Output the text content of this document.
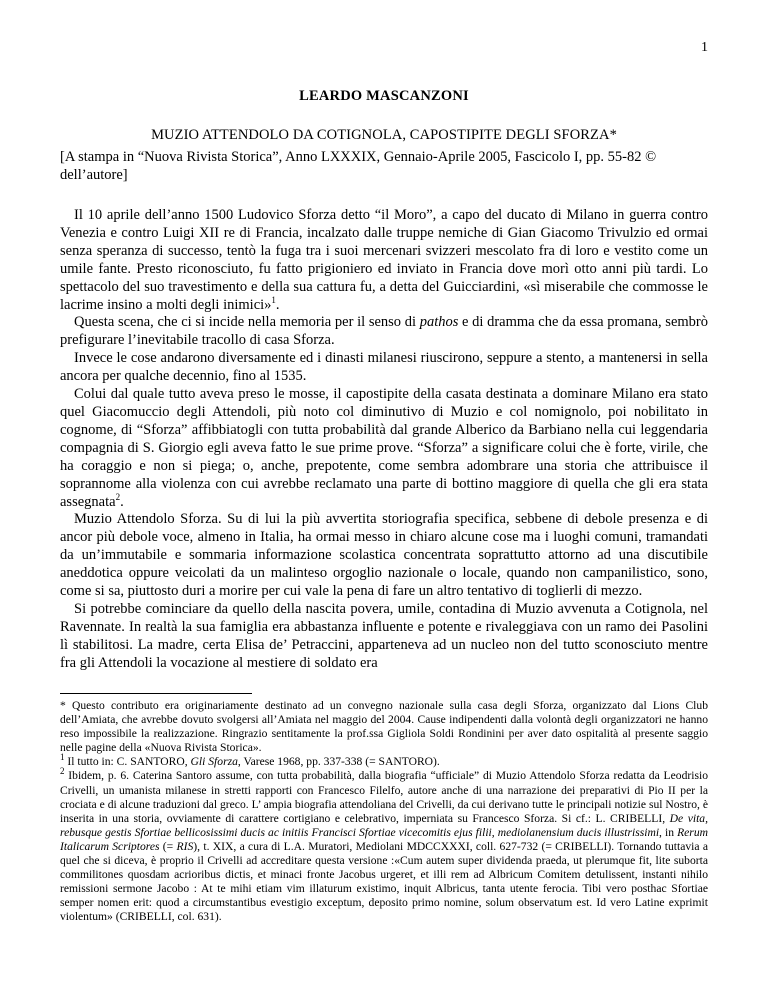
1
LEARDO MASCANZONI
MUZIO ATTENDOLO DA COTIGNOLA, CAPOSTIPITE DEGLI SFORZA*
[A stampa in “Nuova Rivista Storica”, Anno LXXXIX, Gennaio-Aprile 2005, Fascicolo I, pp. 55-82 © dell’autore]

Il 10 aprile dell’anno 1500 Ludovico Sforza detto “il Moro”, a capo del ducato di Milano in guerra contro Venezia e contro Luigi XII re di Francia, incalzato dalle truppe nemiche di Gian Giacomo Trivulzio ed ormai senza speranza di successo, tentò la fuga tra i suoi mercenari svizzeri mescolato fra di loro e vestito come un umile fante. Presto riconosciuto, fu fatto prigioniero ed inviato in Francia dove morì otto anni più tardi. Lo spettacolo del suo travestimento e della sua cattura fu, a detta del Guicciardini, «sì miserabile che commosse le lacrime insino a molti degli inimici»$^1$.

Questa scena, che ci si incide nella memoria per il senso di pathos e di dramma che da essa promana, sembrò prefigurare l’inevitabile tracollo di casa Sforza.

Invece le cose andarono diversamente ed i dinasti milanesi riuscirono, seppure a stento, a mantenersi in sella ancora per qualche decennio, fino al 1535.

Colui dal quale tutto aveva preso le mosse, il capostipite della casata destinata a dominare Milano era stato quel Giacomuccio degli Attendoli, più noto col diminutivo di Muzio e col nomignolo, poi nobilitato in cognome, di “Sforza” affibbiatogli con tutta probabilità dal grande Alberico da Barbiano nella cui leggendaria compagnia di S. Giorgio egli aveva fatto le sue prime prove. “Sforza” a significare colui che è forte, virile, che ha coraggio e non si piega; o, anche, prepotente, come sembra adombrare una storia che attribuisce il soprannome alla violenza con cui avrebbe reclamato una parte di bottino maggiore di quella che gli era stata assegnata$^2$.

Muzio Attendolo Sforza. Su di lui la più avvertita storiografia specifica, sebbene di debole presenza e di ancor più debole voce, almeno in Italia, ha ormai messo in chiaro alcune cose ma i luoghi comuni, tramandati da un’immutabile e sommaria informazione scolastica concentrata soprattutto attorno ad una discutibile aneddotica oppure veicolati da un malinteso orgoglio nazionale o locale, quando non campanilistico, sono, come si sa, piuttosto duri a morire per cui vale la pena di fare un altro tentativo di toglierli di mezzo.

Si potrebbe cominciare da quello della nascita povera, umile, contadina di Muzio avvenuta a Cotignola, nel Ravennate. In realtà la sua famiglia era abbastanza influente e potente e rivaleggiava con un ramo dei Pasolini lì stabilitosi. La madre, certa Elisa de’ Petraccini, apparteneva ad un nucleo non del tutto sconosciuto mentre fra gli Attendoli la vocazione al mestiere di soldato era

* Questo contributo era originariamente destinato ad un convegno nazionale sulla casa degli Sforza, organizzato dal Lions Club dell’Amiata, che avrebbe dovuto svolgersi all’Amiata nel maggio del 2004. Cause indipendenti dalla volontà degli organizzatori ne hanno reso impossibile la realizzazione. Ringrazio sentitamente la prof.ssa Gigliola Soldi Rondinini per aver dato ospitalità al presente saggio nelle pagine della «Nuova Rivista Storica».

$^1$ Il tutto in: C. SANTORO, Gli Sforza, Varese 1968, pp. 337-338 (= SANTORO).

$^2$ Ibidem, p. 6. Caterina Santoro assume, con tutta probabilità, dalla biografia “ufficiale” di Muzio Attendolo Sforza redatta da Leodrisio Crivelli, un umanista milanese in stretti rapporti con Francesco Filelfo, autore anche di una narrazione dei preparativi di Pio II per la crociata e di alcune traduzioni dal greco. L’ ampia biografia attendoliana del Crivelli, da cui derivano tutte le principali notizie sul Nostro, è inserita in una storia, ovviamente di carattere cortigiano e celebrativo, imperniata su Francesco Sforza. Si cf.: L. CRIBELLI, De vita, rebusque gestis Sfortiae bellicosissimi ducis ac initiis Francisci Sfortiae vicecomitis ejus filii, mediolanensium ducis illustrissimi, in Rerum Italicarum Scriptores (= RIS), t. XIX, a cura di L.A. Muratori, Mediolani MDCCXXXI, coll. 627-732 (= CRIBELLI). Tornando tuttavia a quel che si diceva, è proprio il Crivelli ad accreditare questa versione :«Cum autem super dividenda praeda, ut plerumque fit, lite suborta commilitones quosdam acrioribus dictis, et minaci fronte Jacobus urgeret, et illi rem ad Albricum Comitem detulissent, instanti nihilo remissioni sermone Jacobo : At te mihi etiam vim illaturum existimo, inquit Albricus, tanta utente ferocia. Tibi vero posthac Sfortiae semper nomen erit: quod a circumstantibus evestigio exceptum, deposito primo nomine, solum observatum est. Id vero Latine exprimit violentum» (CRIBELLI, col. 631).
